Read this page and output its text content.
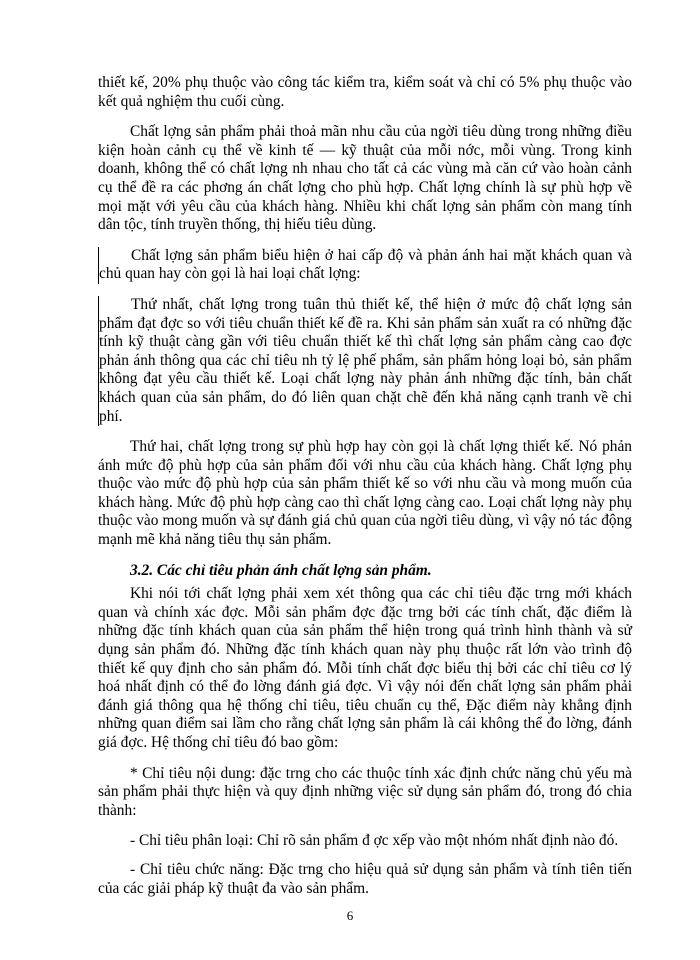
thiết kế, 20% phụ thuộc vào công tác kiểm tra, kiểm soát và chỉ có 5% phụ thuộc vào kết quả nghiệm thu cuối cùng.

Chất lợng sản phẩm phải thoả mãn nhu cầu của ngời tiêu dùng trong những điều kiện hoàn cảnh cụ thể về kinh tế — kỹ thuật của mỗi nớc, mỗi vùng. Trong kinh doanh, không thể có chất lợng nh nhau cho tất cả các vùng mà căn cứ vào hoàn cảnh cụ thể đề ra các phơng án chất lợng cho phù hợp. Chất lợng chính là sự phù hợp về mọi mặt với yêu cầu của khách hàng. Nhiều khi chất lợng sản phẩm còn mang tính dân tộc, tính truyền thống, thị hiếu tiêu dùng.

Chất lợng sản phẩm biểu hiện ở hai cấp độ và phản ánh hai mặt khách quan và chủ quan hay còn gọi là hai loại chất lợng:

Thứ nhất, chất lợng trong tuân thủ thiết kế, thể hiện ở mức độ chất lợng sản phẩm đạt đợc so với tiêu chuẩn thiết kế đề ra. Khi sản phẩm sản xuất ra có những đặc tính kỹ thuật càng gần với tiêu chuẩn thiết kế thì chất lợng sản phẩm càng cao đợc phản ánh thông qua các chỉ tiêu nh tỷ lệ phế phẩm, sản phẩm hỏng loại bỏ, sản phẩm không đạt yêu cầu thiết kế. Loại chất lợng này phản ánh những đặc tính, bản chất khách quan của sản phẩm, do đó liên quan chặt chẽ đến khả năng cạnh tranh về chi phí.

Thứ hai, chất lợng trong sự phù hợp hay còn gọi là chất lợng thiết kế. Nó phản ánh mức độ phù hợp của sản phẩm đối với nhu cầu của khách hàng. Chất lợng phụ thuộc vào mức độ phù hợp của sản phẩm thiết kế so với nhu cầu và mong muốn của khách hàng. Mức độ phù hợp càng cao thì chất lợng càng cao. Loại chất lợng này phụ thuộc vào mong muốn và sự đánh giá chủ quan của ngời tiêu dùng, vì vậy nó tác động mạnh mẽ khả năng tiêu thụ sản phẩm.

3.2. Các chỉ tiêu phản ánh chất lợng sản phẩm.

Khi nói tới chất lợng phải xem xét thông qua các chỉ tiêu đặc trng mới khách quan và chính xác đợc. Mỗi sản phẩm đợc đặc trng bởi các tính chất, đặc điểm là những đặc tính khách quan của sản phẩm thể hiện trong quá trình hình thành và sử dụng sản phẩm đó. Những đặc tính khách quan này phụ thuộc rất lớn vào trình độ thiết kế quy định cho sản phẩm đó. Mỗi tính chất đợc biểu thị bởi các chỉ tiêu cơ lý hoá nhất định có thể đo lờng đánh giá đợc. Vì vậy nói đến chất lợng sản phẩm phải đánh giá thông qua hệ thống chỉ tiêu, tiêu chuẩn cụ thể, Đặc điểm này khẳng định những quan điểm sai lầm cho rằng chất lợng sản phẩm là cái không thể đo lờng, đánh giá đợc. Hệ thống chỉ tiêu đó bao gồm:

* Chỉ tiêu nội dung: đặc trng cho các thuộc tính xác định chức năng chủ yếu mà sản phẩm phải thực hiện và quy định những việc sử dụng sản phẩm đó, trong đó chia thành:

- Chỉ tiêu phân loại: Chỉ rõ sản phẩm đ ợc xếp vào một nhóm nhất định nào đó.

- Chỉ tiêu chức năng: Đặc trng cho hiệu quả sử dụng sản phẩm và tính tiên tiến của các giải pháp kỹ thuật đa vào sản phẩm.

6
